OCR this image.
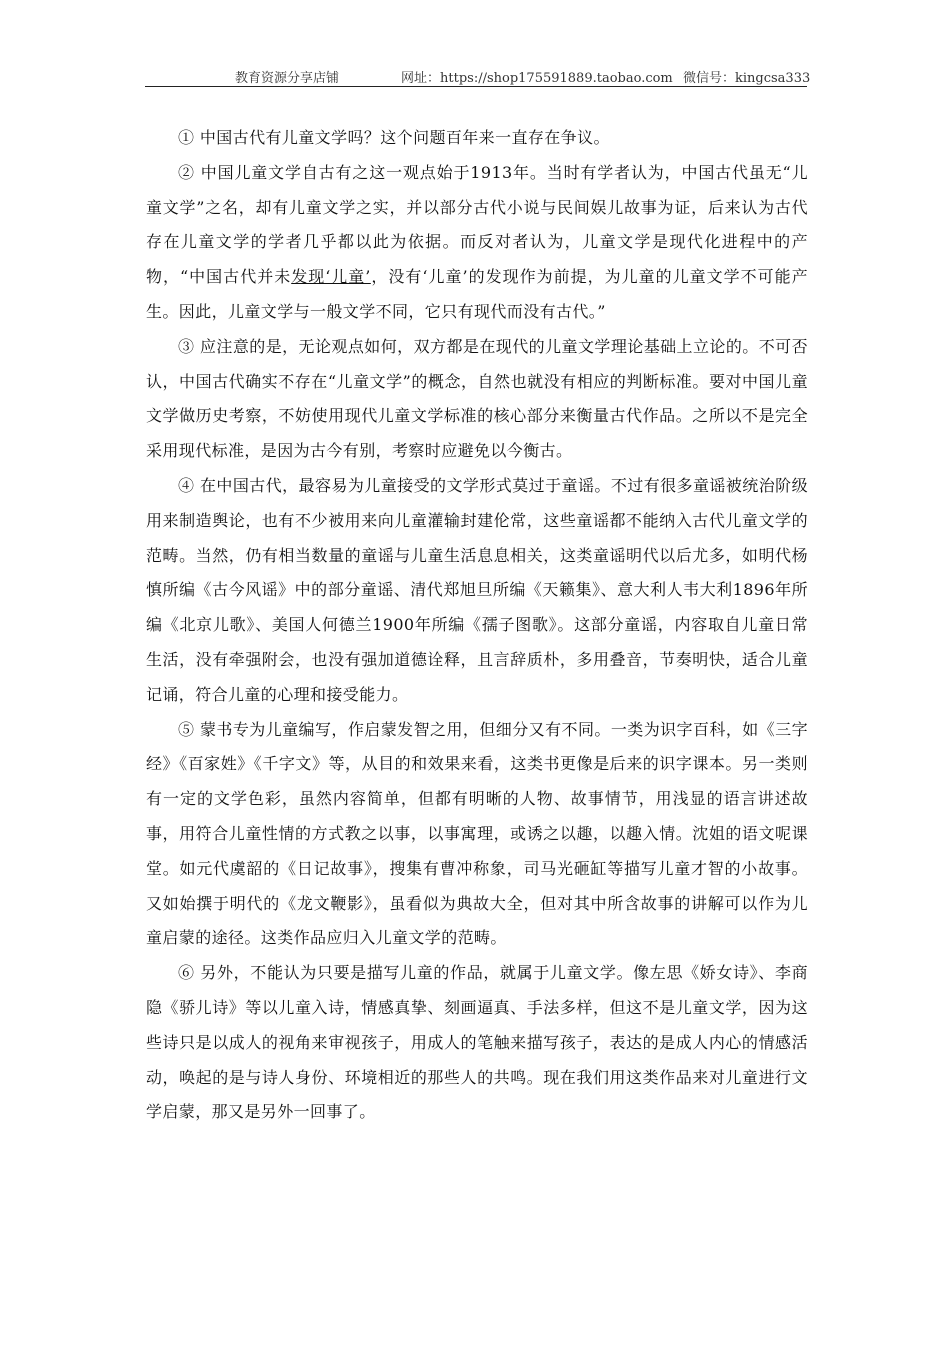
教育资源分享店铺	网址：https://shop175591889.taobao.com 微信号：kingcsa333

① 中国古代有儿童文学吗？这个问题百年来一直存在争议。

② 中国儿童文学自古有之这一观点始于1913年。当时有学者认为，中国古代虽无“儿童文学”之名，却有儿童文学之实，并以部分古代小说与民间娱儿故事为证，后来认为古代存在儿童文学的学者几乎都以此为依据。而反对者认为，儿童文学是现代化进程中的产物，“中国古代并未发现‘儿童’，没有‘儿童’的发现作为前提，为儿童的儿童文学不可能产生。因此，儿童文学与一般文学不同，它只有现代而没有古代。”

③ 应注意的是，无论观点如何，双方都是在现代的儿童文学理论基础上立论的。不可否认，中国古代确实不存在“儿童文学”的概念，自然也就没有相应的判断标准。要对中国儿童文学做历史考察，不妨使用现代儿童文学标准的核心部分来衡量古代作品。之所以不是完全采用现代标准，是因为古今有别，考察时应避免以今衡古。

④ 在中国古代，最容易为儿童接受的文学形式莫过于童谣。不过有很多童谣被统治阶级用来制造舆论，也有不少被用来向儿童灌输封建伦常，这些童谣都不能纳入古代儿童文学的范畴。当然，仍有相当数量的童谣与儿童生活息息相关，这类童谣明代以后尤多，如明代杨慎所编《古今风谣》中的部分童谣、清代郑旭旦所编《天籁集》、意大利人韦大利1896年所编《北京儿歌》、美国人何德兰1900年所编《孺子图歌》。这部分童谣，内容取自儿童日常生活，没有牵强附会，也没有强加道德诠释，且言辞质朴，多用叠音，节奏明快，适合儿童记诵，符合儿童的心理和接受能力。

⑤ 蒙书专为儿童编写，作启蒙发智之用，但细分又有不同。一类为识字百科，如《三字经》《百家姓》《千字文》等，从目的和效果来看，这类书更像是后来的识字课本。另一类则有一定的文学色彩，虽然内容简单，但都有明晰的人物、故事情节，用浅显的语言讲述故事，用符合儿童性情的方式教之以事，以事寓理，或诱之以趣，以趣入情。沈姐的语文呢课堂。如元代虞韶的《日记故事》，搜集有曹冲称象，司马光砸缸等描写儿童才智的小故事。又如始撰于明代的《龙文鞭影》，虽看似为典故大全，但对其中所含故事的讲解可以作为儿童启蒙的途径。这类作品应归入儿童文学的范畴。

⑥ 另外，不能认为只要是描写儿童的作品，就属于儿童文学。像左思《娇女诗》、李商隐《骄儿诗》等以儿童入诗，情感真挚、刻画逼真、手法多样，但这不是儿童文学，因为这些诗只是以成人的视角来审视孩子，用成人的笔触来描写孩子，表达的是成人内心的情感活动，唤起的是与诗人身份、环境相近的那些人的共鸣。现在我们用这类作品来对儿童进行文学启蒙，那又是另外一回事了。
